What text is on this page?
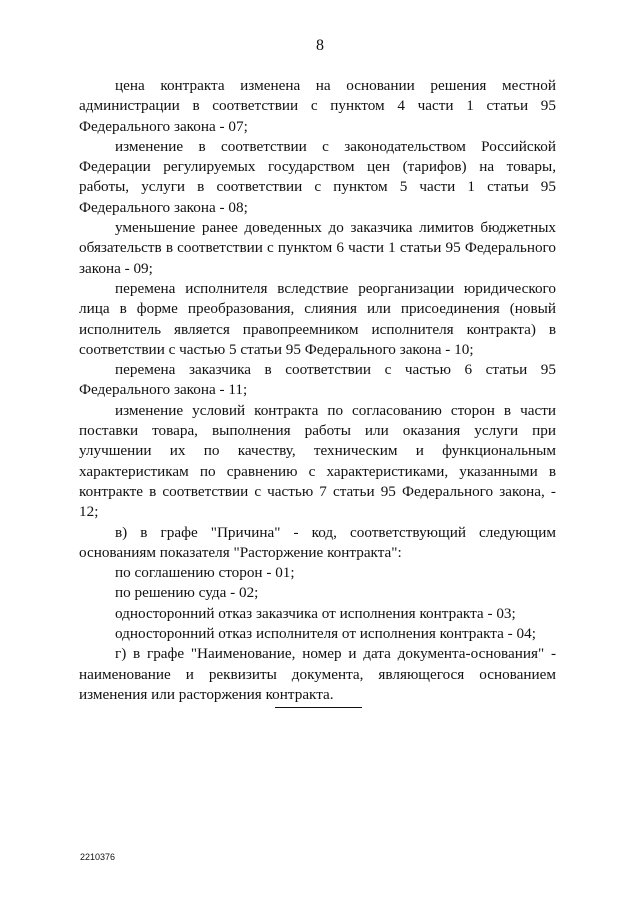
8

цена контракта изменена на основании решения местной администрации в соответствии с пунктом 4 части 1 статьи 95 Федерального закона - 07;

изменение в соответствии с законодательством Российской Федерации регулируемых государством цен (тарифов) на товары, работы, услуги в соответствии с пунктом 5 части 1 статьи 95 Федерального закона - 08;

уменьшение ранее доведенных до заказчика лимитов бюджетных обязательств в соответствии с пунктом 6 части 1 статьи 95 Федерального закона - 09;

перемена исполнителя вследствие реорганизации юридического лица в форме преобразования, слияния или присоединения (новый исполнитель является правопреемником исполнителя контракта) в соответствии с частью 5 статьи 95 Федерального закона - 10;

перемена заказчика в соответствии с частью 6 статьи 95 Федерального закона - 11;

изменение условий контракта по согласованию сторон в части поставки товара, выполнения работы или оказания услуги при улучшении их по качеству, техническим и функциональным характеристикам по сравнению с характеристиками, указанными в контракте в соответствии с частью 7 статьи 95 Федерального закона, - 12;

в) в графе "Причина" - код, соответствующий следующим основаниям показателя "Расторжение контракта":

по соглашению сторон - 01;

по решению суда - 02;

односторонний отказ заказчика от исполнения контракта - 03;

односторонний отказ исполнителя от исполнения контракта - 04;

г) в графе "Наименование, номер и дата документа-основания" - наименование и реквизиты документа, являющегося основанием изменения или расторжения контракта.

2210376
